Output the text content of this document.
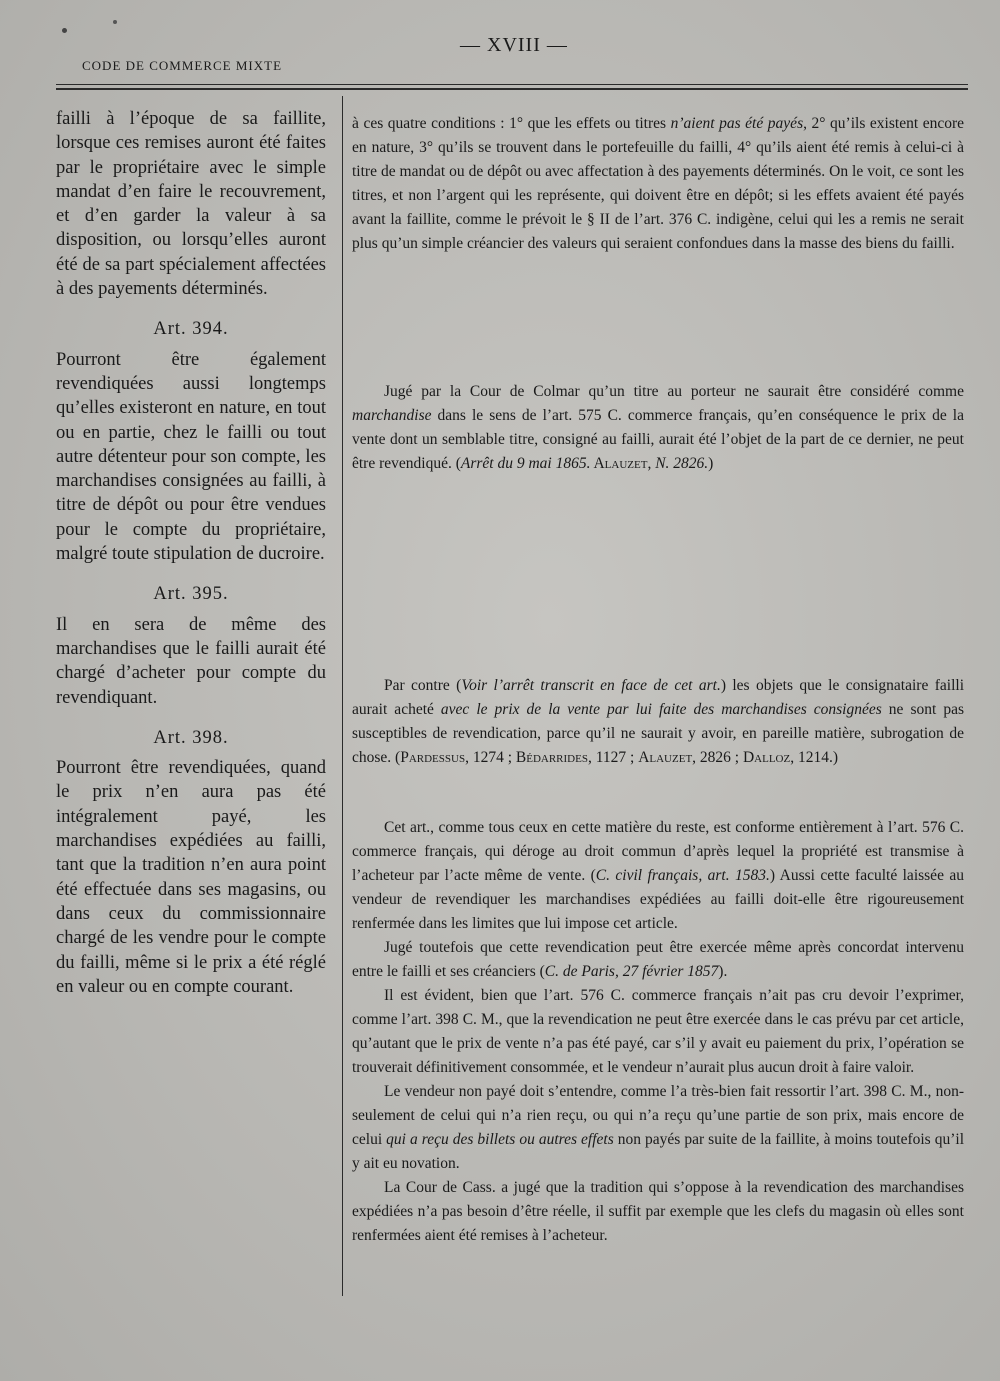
— XVIII —
CODE DE COMMERCE MIXTE

failli à l’époque de sa faillite, lorsque ces remises auront été faites par le propriétaire avec le simple mandat d’en faire le recouvrement, et d’en garder la valeur à sa disposition, ou lorsqu’elles auront été de sa part spécialement affectées à des payements déterminés.

Art. 394.

Pourront être également revendiquées aussi longtemps qu’elles existeront en nature, en tout ou en partie, chez le failli ou tout autre détenteur pour son compte, les marchandises consignées au failli, à titre de dépôt ou pour être vendues pour le compte du propriétaire, malgré toute stipulation de ducroire.

Art. 395.

Il en sera de même des marchandises que le failli aurait été chargé d’acheter pour compte du revendiquant.

Art. 398.

Pourront être revendiquées, quand le prix n’en aura pas été intégralement payé, les marchandises expédiées au failli, tant que la tradition n’en aura point été effectuée dans ses magasins, ou dans ceux du commissionnaire chargé de les vendre pour le compte du failli, même si le prix a été réglé en valeur ou en compte courant.

à ces quatre conditions : 1° que les effets ou titres n’aient pas été payés, 2° qu’ils existent encore en nature, 3° qu’ils se trouvent dans le portefeuille du failli, 4° qu’ils aient été remis à celui-ci à titre de mandat ou de dépôt ou avec affectation à des payements déterminés. On le voit, ce sont les titres, et non l’argent qui les représente, qui doivent être en dépôt; si les effets avaient été payés avant la faillite, comme le prévoit le § II de l’art. 376 C. indigène, celui qui les a remis ne serait plus qu’un simple créancier des valeurs qui seraient confondues dans la masse des biens du failli.

Jugé par la Cour de Colmar qu’un titre au porteur ne saurait être considéré comme marchandise dans le sens de l’art. 575 C. commerce français, qu’en conséquence le prix de la vente dont un semblable titre, consigné au failli, aurait été l’objet de la part de ce dernier, ne peut être revendiqué. (Arrêt du 9 mai 1865. Alauzet, N. 2826.)

Par contre (Voir l’arrêt transcrit en face de cet art.) les objets que le consignataire failli aurait acheté avec le prix de la vente par lui faite des marchandises consignées ne sont pas susceptibles de revendication, parce qu’il ne saurait y avoir, en pareille matière, subrogation de chose. (Pardessus, 1274 ; Bédarrides, 1127 ; Alauzet, 2826 ; Dalloz, 1214.)

Cet art., comme tous ceux en cette matière du reste, est conforme entièrement à l’art. 576 C. commerce français, qui déroge au droit commun d’après lequel la propriété est transmise à l’acheteur par l’acte même de vente. (C. civil français, art. 1583.) Aussi cette faculté laissée au vendeur de revendiquer les marchandises expédiées au failli doit-elle être rigoureusement renfermée dans les limites que lui impose cet article.

Jugé toutefois que cette revendication peut être exercée même après concordat intervenu entre le failli et ses créanciers (C. de Paris, 27 février 1857).

Il est évident, bien que l’art. 576 C. commerce français n’ait pas cru devoir l’exprimer, comme l’art. 398 C. M., que la revendication ne peut être exercée dans le cas prévu par cet article, qu’autant que le prix de vente n’a pas été payé, car s’il y avait eu paiement du prix, l’opération se trouverait définitivement consommée, et le vendeur n’aurait plus aucun droit à faire valoir.

Le vendeur non payé doit s’entendre, comme l’a très-bien fait ressortir l’art. 398 C. M., non-seulement de celui qui n’a rien reçu, ou qui n’a reçu qu’une partie de son prix, mais encore de celui qui a reçu des billets ou autres effets non payés par suite de la faillite, à moins toutefois qu’il y ait eu novation.

La Cour de Cass. a jugé que la tradition qui s’oppose à la revendication des marchandises expédiées n’a pas besoin d’être réelle, il suffit par exemple que les clefs du magasin où elles sont renfermées aient été remises à l’acheteur.
